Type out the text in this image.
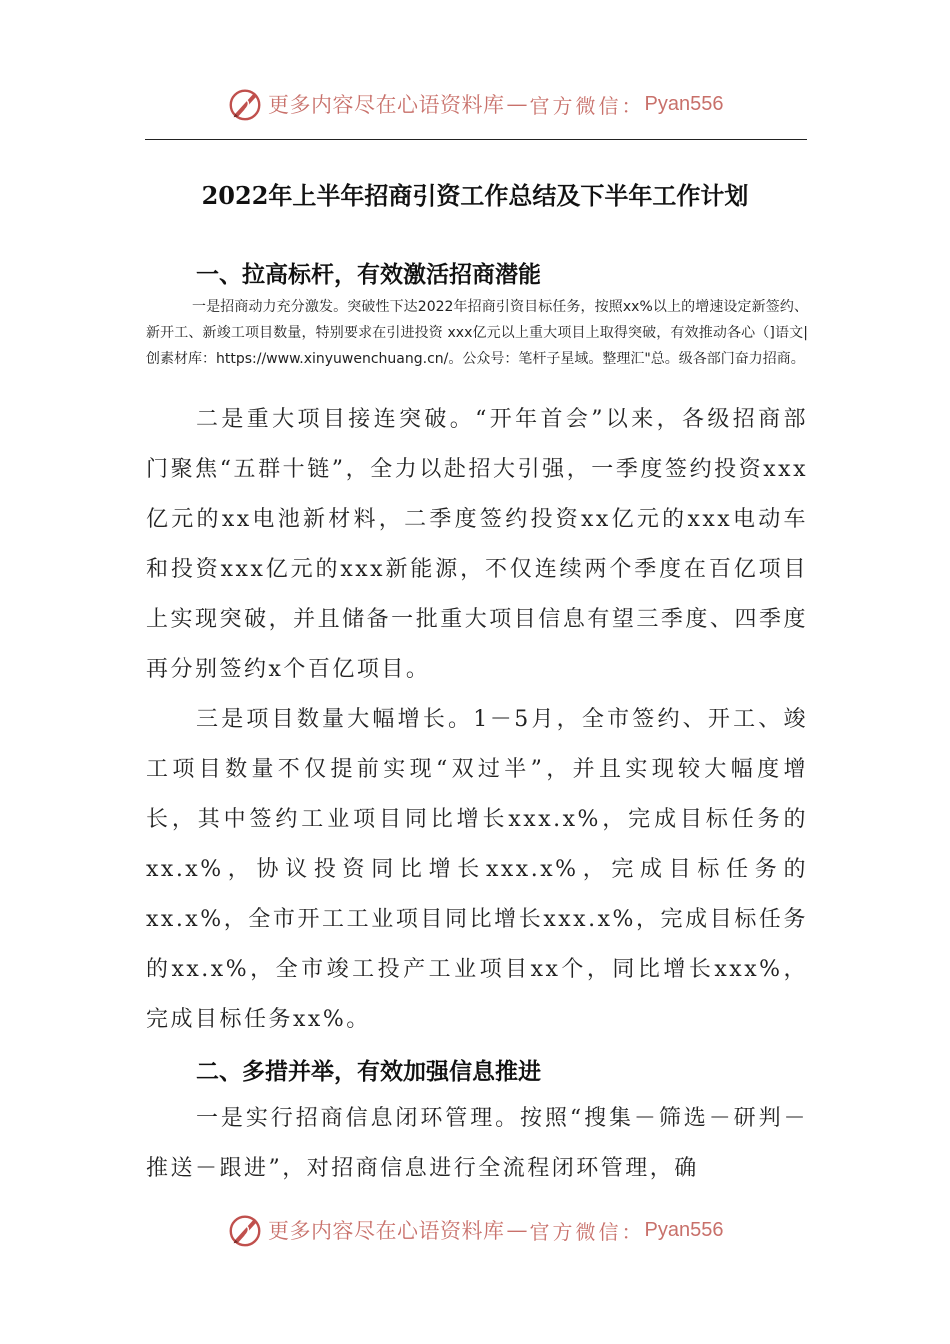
更多内容尽在心语资料库 — 官方微信： Pyan556
2022年上半年招商引资工作总结及下半年工作计划
一、拉高标杆，有效激活招商潜能
一是招商动力充分激发。突破性下达2022年招商引资目标任务，按照xx%以上的增速设定新签约、新开工、新竣工项目数量，特别要求在引进投资 xxx亿元以上重大项目上取得突破，有效推动各心（]语文|创素材库：https://www.xinyuwenchuang.cn/。公众号：笔杆子星域。整理汇"总。级各部门奋力招商。
二是重大项目接连突破。“开年首会”以来，各级招商部门聚焦“五群十链”，全力以赴招大引强，一季度签约投资xxx亿元的xx电池新材料，二季度签约投资xx亿元的xxx电动车和投资xxx亿元的xxx新能源，不仅连续两个季度在百亿项目上实现突破，并且储备一批重大项目信息有望三季度、四季度再分别签约x个百亿项目。
三是项目数量大幅增长。1－5月，全市签约、开工、竣工项目数量不仅提前实现“双过半”，并且实现较大幅度增长，其中签约工业项目同比增长xxx.x%，完成目标任务的xx.x%，协议投资同比增长xxx.x%，完成目标任务的xx.x%，全市开工工业项目同比增长xxx.x%，完成目标任务的xx.x%，全市竣工投产工业项目xx个，同比增长xxx%，完成目标任务xx%。
二、多措并举，有效加强信息推进
一是实行招商信息闭环管理。按照“搜集－筛选－研判－推送－跟进”，对招商信息进行全流程闭环管理，确
更多内容尽在心语资料库 — 官方微信： Pyan556
